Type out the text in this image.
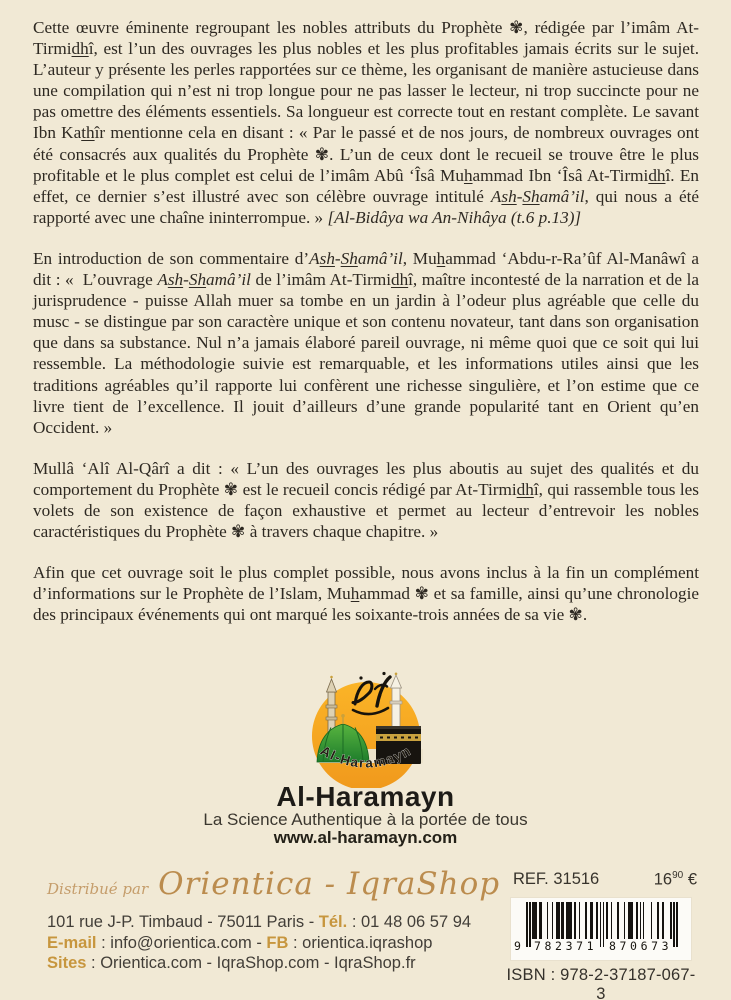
Cette œuvre éminente regroupant les nobles attributs du Prophète ✾, rédigée par l’imâm At-Tirmidhî, est l’un des ouvrages les plus nobles et les plus profitables jamais écrits sur le sujet. L’auteur y présente les perles rapportées sur ce thème, les organisant de manière astucieuse dans une compilation qui n’est ni trop longue pour ne pas lasser le lecteur, ni trop succincte pour ne pas omettre des éléments essentiels. Sa longueur est correcte tout en restant complète. Le savant Ibn Kathîr mentionne cela en disant : « Par le passé et de nos jours, de nombreux ouvrages ont été consacrés aux qualités du Prophète ✾. L’un de ceux dont le recueil se trouve être le plus profitable et le plus complet est celui de l’imâm Abû ‘Îsâ Muhammad Ibn ‘Îsâ At-Tirmidhî. En effet, ce dernier s’est illustré avec son célèbre ouvrage intitulé Ash-Shamâ’il, qui nous a été rapporté avec une chaîne ininterrompue. » [Al-Bidâya wa An-Nihâya (t.6 p.13)]

En introduction de son commentaire d’Ash-Shamâ’il, Muhammad ‘Abdu-r-Ra’ûf Al-Manâwî a dit : «  L’ouvrage Ash-Shamâ’il de l’imâm At-Tirmidhî, maître incontesté de la narration et de la jurisprudence - puisse Allah muer sa tombe en un jardin à l’odeur plus agréable que celle du musc - se distingue par son caractère unique et son contenu novateur, tant dans son organisation que dans sa substance. Nul n’a jamais élaboré pareil ouvrage, ni même quoi que ce soit qui lui ressemble. La méthodologie suivie est remarquable, et les informations utiles ainsi que les traditions agréables qu’il rapporte lui confèrent une richesse singulière, et l’on estime que ce livre tient de l’excellence. Il jouit d’ailleurs d’une grande popularité tant en Orient qu’en Occident. »

Mullâ ‘Alî Al-Qârî a dit : « L’un des ouvrages les plus aboutis au sujet des qualités et du comportement du Prophète ✾ est le recueil concis rédigé par At-Tirmidhî, qui rassemble tous les volets de son existence de façon exhaustive et permet au lecteur d’entrevoir les nobles caractéristiques du Prophète ✾ à travers chaque chapitre. »

Afin que cet ouvrage soit le plus complet possible, nous avons inclus à la fin un complément d’informations sur le Prophète de l’Islam, Muhammad ✾ et sa famille, ainsi qu’une chronologie des principaux événements qui ont marqué les soixante-trois années de sa vie ✾.

Al-Haramayn
Al-Haramayn
La Science Authentique à la portée de tous
www.al-haramayn.com
Distribué par Orientica - IqraShop
101 rue J-P. Timbaud - 75011 Paris - Tél. : 01 48 06 57 94
E-mail : info@orientica.com - FB : orientica.iqrashop
Sites : Orientica.com - IqraShop.com - IqraShop.fr
REF. 31516	$16^{90}$ €
9 782371 870673
ISBN : 978-2-37187-067-3
